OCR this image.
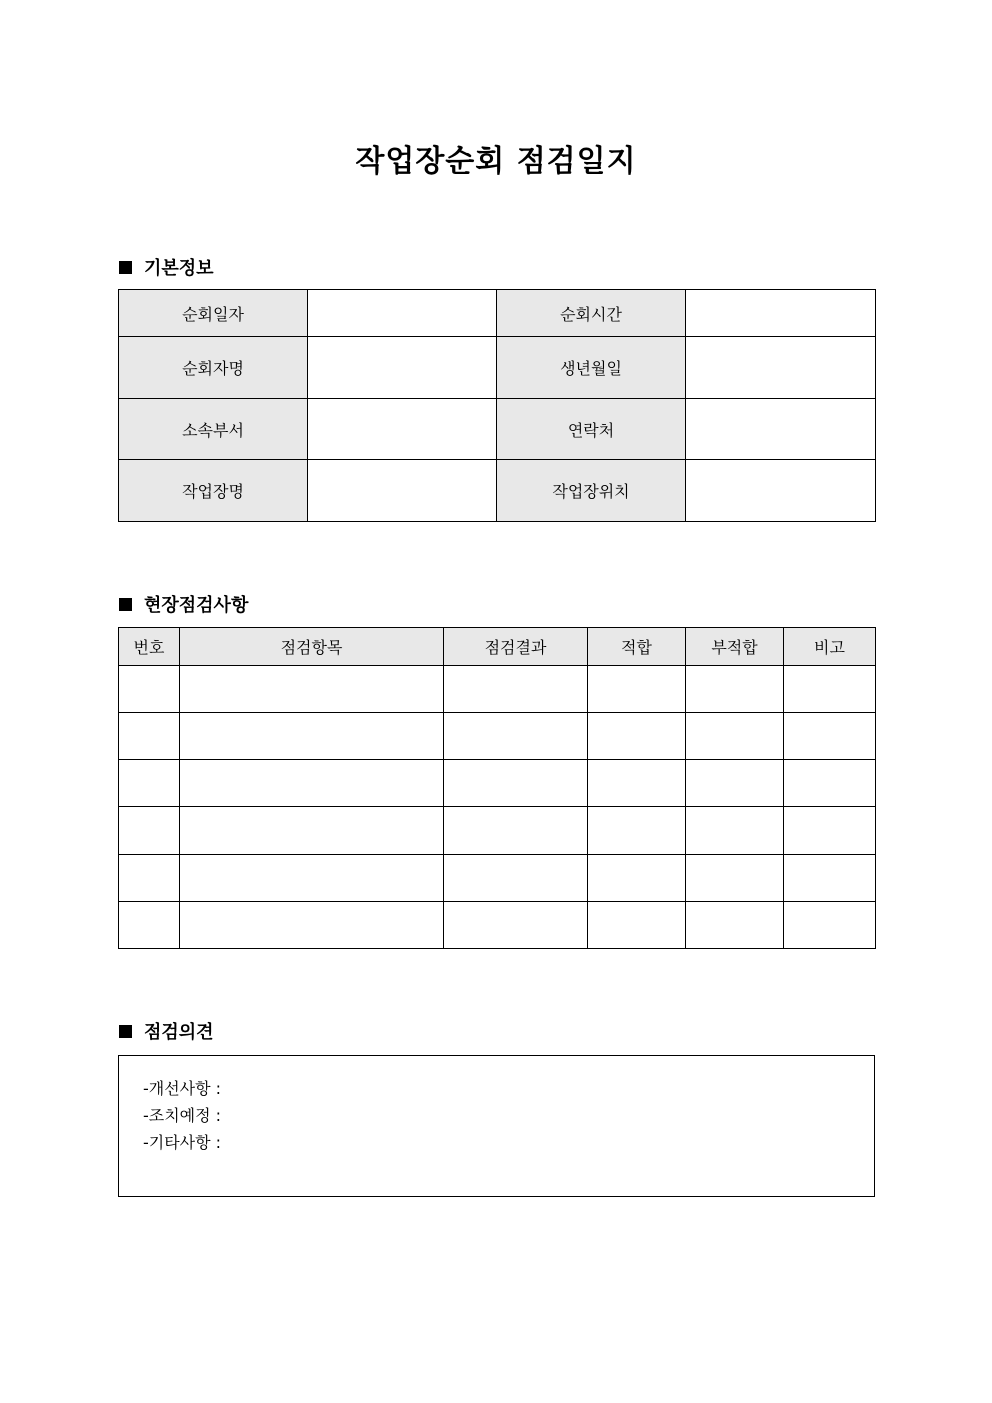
작업장순회 점검일지
기본정보
순회일자		순회시간	
순회자명		생년월일	
소속부서		연락처	
작업장명		작업장위치	
현장점검사항
번호	점검항목	점검결과	적합	부적합	비고

점검의견
-개선사항 :
-조치예정 :
-기타사항 :
